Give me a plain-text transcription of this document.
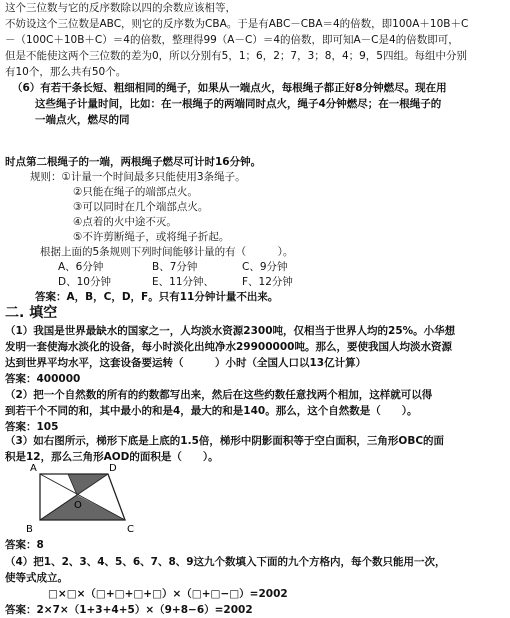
这个三位数与它的反序数除以四的余数应该相等，
不妨设这个三位数是ABC，则它的反序数为CBA。于是有ABC－CBA＝4的倍数，即100A＋10B＋C
－（100C＋10B＋C）＝4的倍数，整理得99（A－C）＝4的倍数，即可知A－C是4的倍数即可，
但是不能使这两个三位数的差为0，所以分别有5，1；6，2；7，3；8，4；9，5四组。每组中分别
有10个，那么共有50个。
（6）有若干条长短、粗细相同的绳子，如果从一端点火，每根绳子都正好8分钟燃尽。现在用
这些绳子计量时间，比如：在一根绳子的两端同时点火，绳子4分钟燃尽；在一根绳子的
一端点火，燃尽的同
时点第二根绳子的一端，两根绳子燃尽可计时16分钟。
规则：①计量一个时间最多只能使用3条绳子。
②只能在绳子的端部点火。
③可以同时在几个端部点火。
④点着的火中途不灭。
⑤不许剪断绳子，或将绳子折起。
根据上面的5条规则下列时间能够计量的有（　　　）。
A、6分钟	B、7分钟	C、9分钟
D、10分钟	E、11分钟、	F、12分钟
答案：A，B，C，D，F。只有11分钟计量不出来。
二. 填空
（1）我国是世界最缺水的国家之一，人均淡水资源2300吨，仅相当于世界人均的25%。小华想
发明一套使海水淡化的设备，每小时淡化出纯净水29900000吨。那么，要使我国人均淡水资源
达到世界平均水平，这套设备要运转（　　　）小时（全国人口以13亿计算）
答案：400000
（2）把一个自然数的所有的约数都写出来，然后在这些约数任意找两个相加，这样就可以得
到若干个不同的和，其中最小的和是4，最大的和是140。那么，这个自然数是（　　）。
答案：105
（3）如右图所示，梯形下底是上底的1.5倍，梯形中阴影面积等于空白面积，三角形OBC的面
积是12，那么三角形AOD的面积是（　　）。
A	D
O
B	C
答案：8
（4）把1、2、3、4、5、6、7、8、9这九个数填入下面的九个方格内，每个数只能用一次，
使等式成立。
□×□×（□+□+□+□）×（□+□−□）=2002
答案：2×7×（1+3+4+5）×（9+8−6）=2002
